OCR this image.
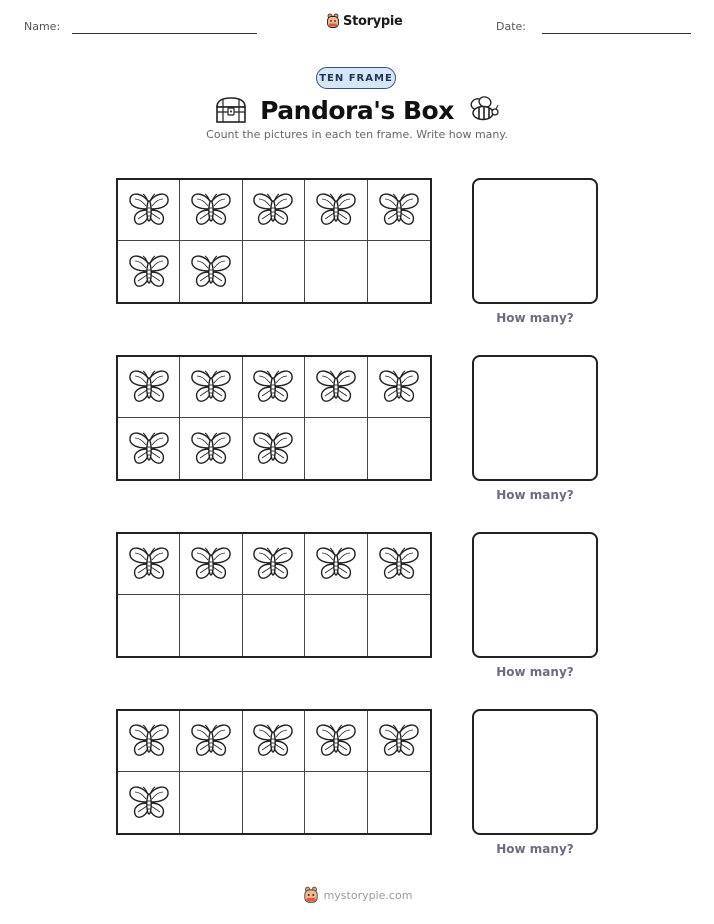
Name:	Storypie	Date:
TEN FRAME
Pandora's Box
Count the pictures in each ten frame. Write how many.
How many?
How many?
How many?
How many?
mystorypie.com
